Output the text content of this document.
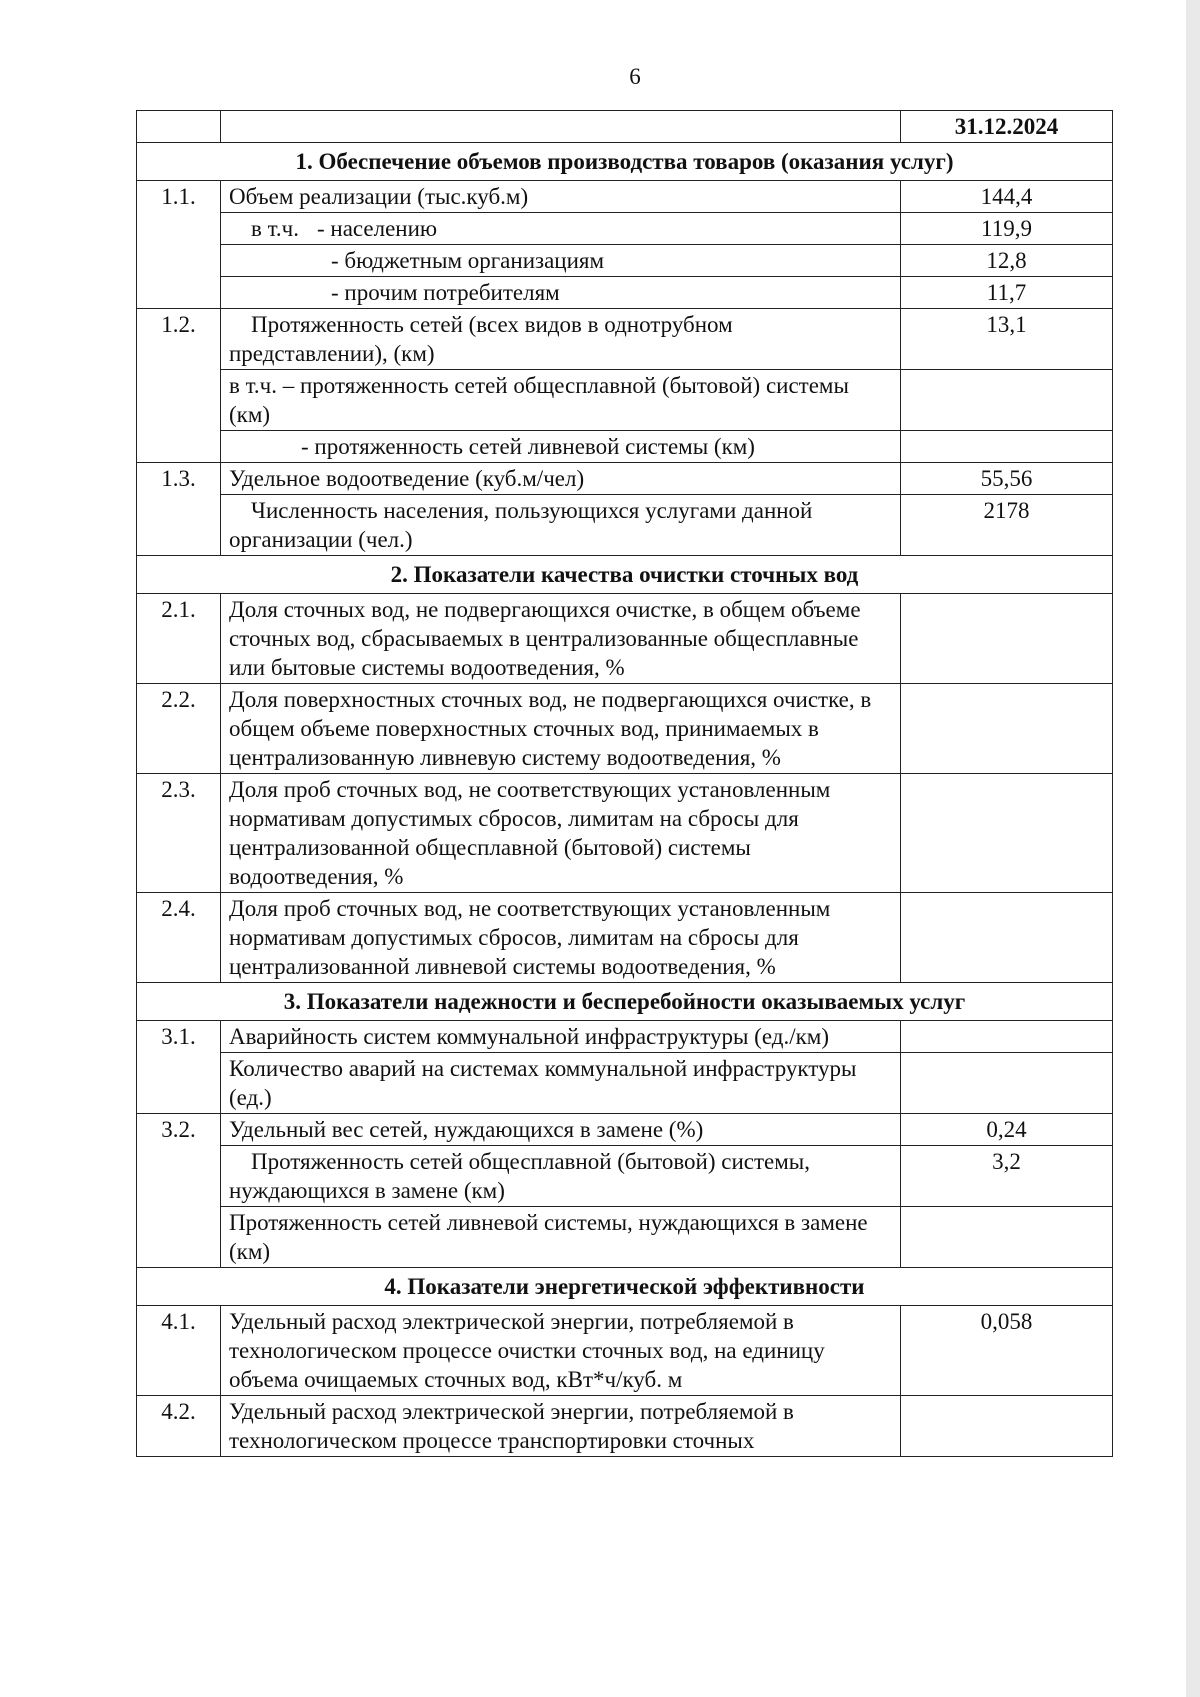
6
		31.12.2024
1. Обеспечение объемов производства товаров (оказания услуг)		
1.1.	Объем реализации (тыс.куб.м)	144,4
	в т.ч. - населению	119,9
	- бюджетным организациям	12,8
	- прочим потребителям	11,7
1.2.	Протяженность сетей (всех видов в однотрубном представлении), (км)	13,1
	в т.ч. – протяженность сетей общесплавной (бытовой) системы (км)	
	- протяженность сетей ливневой системы (км)	
1.3.	Удельное водоотведение (куб.м/чел)	55,56
	Численность населения, пользующихся услугами данной организации (чел.)	2178
2. Показатели качества очистки сточных вод		
2.1.	Доля сточных вод, не подвергающихся очистке, в общем объеме сточных вод, сбрасываемых в централизованные общесплавные или бытовые системы водоотведения, %	
2.2.	Доля поверхностных сточных вод, не подвергающихся очистке, в общем объеме поверхностных сточных вод, принимаемых в централизованную ливневую систему водоотведения, %	
2.3.	Доля проб сточных вод, не соответствующих установленным нормативам допустимых сбросов, лимитам на сбросы для централизованной общесплавной (бытовой) системы водоотведения, %	
2.4.	Доля проб сточных вод, не соответствующих установленным нормативам допустимых сбросов, лимитам на сбросы для централизованной ливневой системы водоотведения, %	
3. Показатели надежности и бесперебойности оказываемых услуг		
3.1.	Аварийность систем коммунальной инфраструктуры (ед./км)	
	Количество аварий на системах коммунальной инфраструктуры (ед.)	
3.2.	Удельный вес сетей, нуждающихся в замене (%)	0,24
	Протяженность сетей общесплавной (бытовой) системы, нуждающихся в замене (км)	3,2
	Протяженность сетей ливневой системы, нуждающихся в замене (км)	
4. Показатели энергетической эффективности		
4.1.	Удельный расход электрической энергии, потребляемой в технологическом процессе очистки сточных вод, на единицу объема очищаемых сточных вод, кВт*ч/куб. м	0,058
4.2.	Удельный расход электрической энергии, потребляемой в технологическом процессе транспортировки сточных	
